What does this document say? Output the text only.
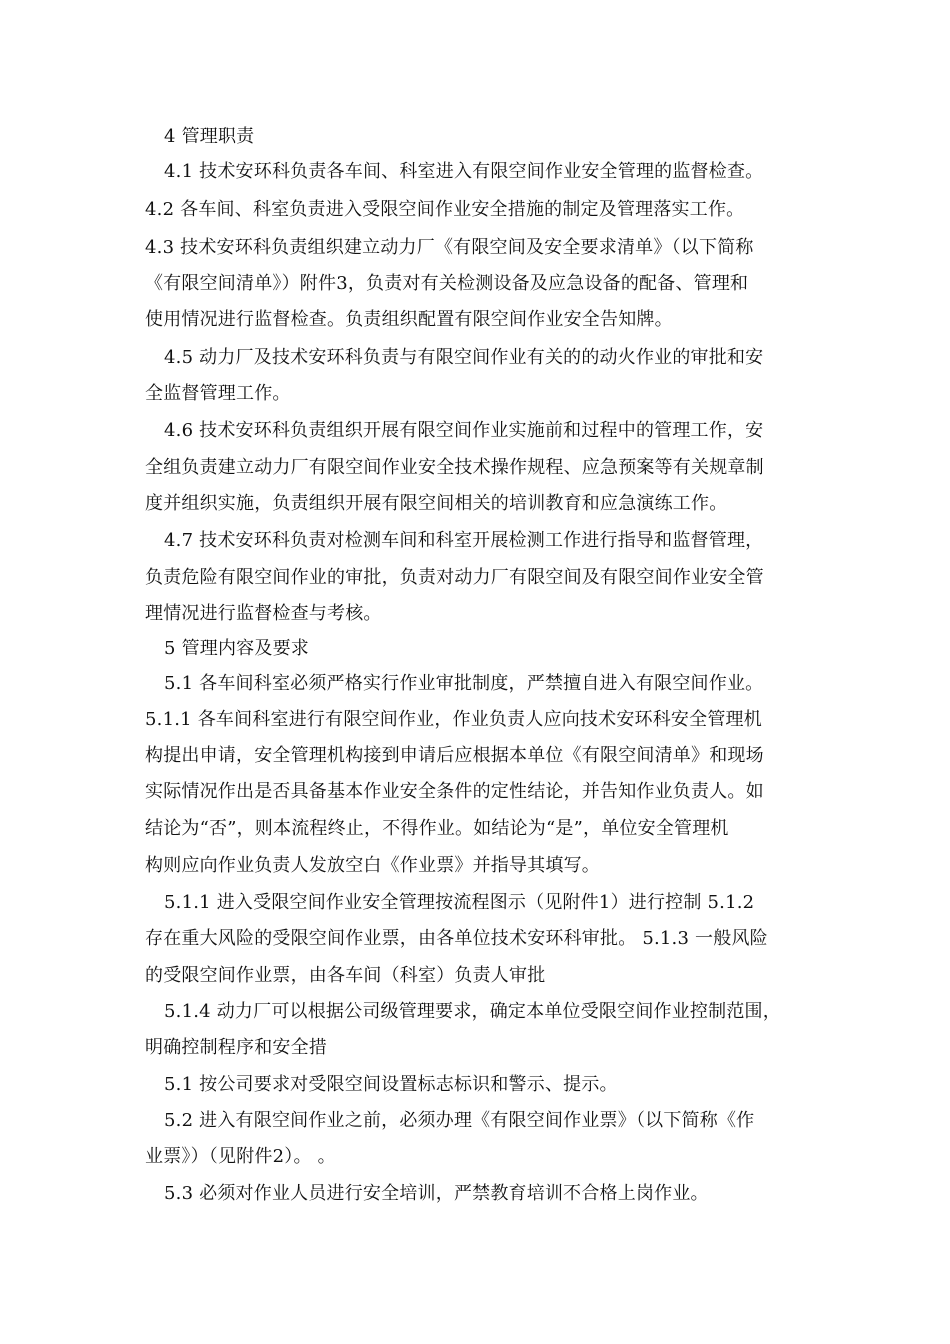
4 管理职责
4.1 技术安环科负责各车间、科室进入有限空间作业安全管理的监督检查。
4.2 各车间、科室负责进入受限空间作业安全措施的制定及管理落实工作。
4.3 技术安环科负责组织建立动力厂《有限空间及安全要求清单》（以下简称
《有限空间清单》）附件3，负责对有关检测设备及应急设备的配备、管理和
使用情况进行监督检查。负责组织配置有限空间作业安全告知牌。
4.5 动力厂及技术安环科负责与有限空间作业有关的的动火作业的审批和安
全监督管理工作。
4.6 技术安环科负责组织开展有限空间作业实施前和过程中的管理工作，安
全组负责建立动力厂有限空间作业安全技术操作规程、应急预案等有关规章制
度并组织实施，负责组织开展有限空间相关的培训教育和应急演练工作。
4.7 技术安环科负责对检测车间和科室开展检测工作进行指导和监督管理，
负责危险有限空间作业的审批，负责对动力厂有限空间及有限空间作业安全管
理情况进行监督检查与考核。
5 管理内容及要求
5.1 各车间科室必须严格实行作业审批制度，严禁擅自进入有限空间作业。
5.1.1 各车间科室进行有限空间作业，作业负责人应向技术安环科安全管理机
构提出申请，安全管理机构接到申请后应根据本单位《有限空间清单》和现场
实际情况作出是否具备基本作业安全条件的定性结论，并告知作业负责人。如
结论为“否”，则本流程终止，不得作业。如结论为“是”，单位安全管理机
构则应向作业负责人发放空白《作业票》并指导其填写。
5.1.1 进入受限空间作业安全管理按流程图示（见附件1）进行控制 5.1.2
存在重大风险的受限空间作业票，由各单位技术安环科审批。 5.1.3 一般风险
的受限空间作业票，由各车间（科室）负责人审批
5.1.4 动力厂可以根据公司级管理要求，确定本单位受限空间作业控制范围，
明确控制程序和安全措
5.1 按公司要求对受限空间设置标志标识和警示、提示。
5.2 进入有限空间作业之前，必须办理《有限空间作业票》（以下简称《作
业票》）（见附件2）。 。
5.3 必须对作业人员进行安全培训，严禁教育培训不合格上岗作业。
